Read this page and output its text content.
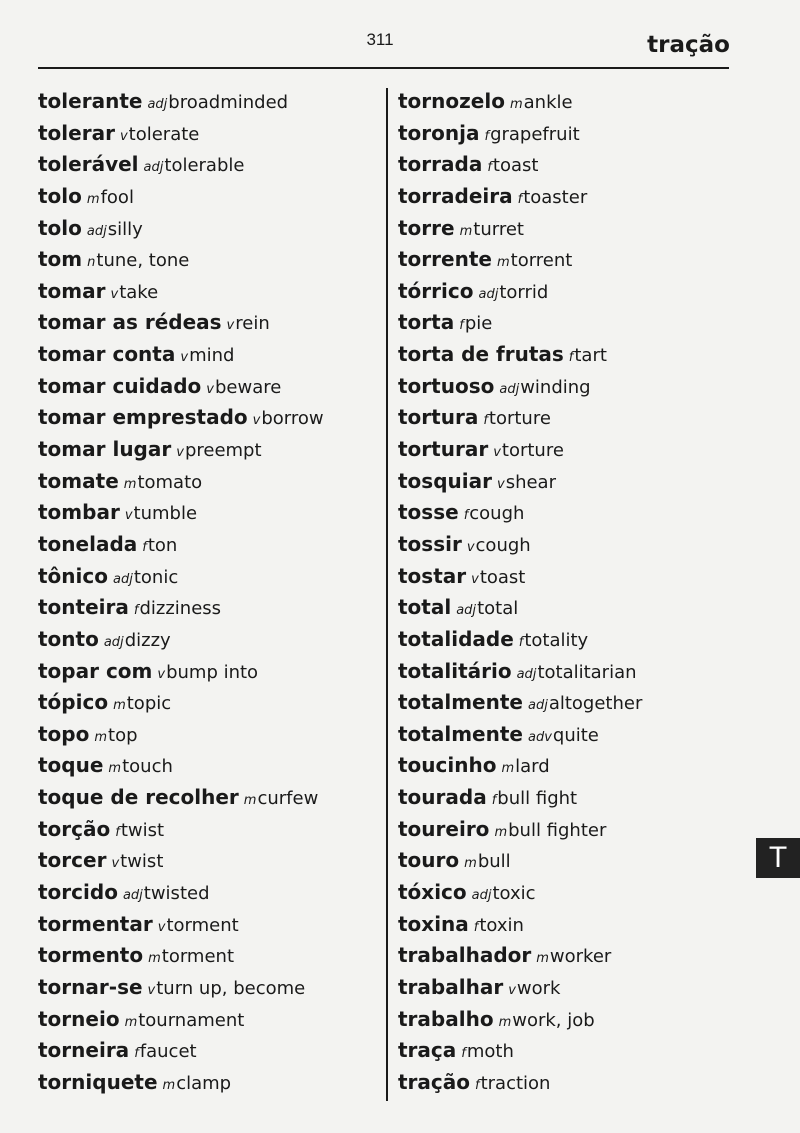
311	tração
tolerante adjbroadminded
tolerar vtolerate
tolerável adjtolerable
tolo mfool
tolo adjsilly
tom ntune, tone
tomar vtake
tomar as rédeas vrein
tomar conta vmind
tomar cuidado vbeware
tomar emprestado vborrow
tomar lugar vpreempt
tomate mtomato
tombar vtumble
tonelada fton
tônico adjtonic
tonteira fdizziness
tonto adjdizzy
topar com vbump into
tópico mtopic
topo mtop
toque mtouch
toque de recolher mcurfew
torção ftwist
torcer vtwist
torcido adjtwisted
tormentar vtorment
tormento mtorment
tornar-se vturn up, become
torneio mtournament
torneira ffaucet
torniquete mclamp
tornozelo mankle
toronja fgrapefruit
torrada ftoast
torradeira ftoaster
torre mturret
torrente mtorrent
tórrico adjtorrid
torta fpie
torta de frutas ftart
tortuoso adjwinding
tortura ftorture
torturar vtorture
tosquiar vshear
tosse fcough
tossir vcough
tostar vtoast
total adjtotal
totalidade ftotality
totalitário adjtotalitarian
totalmente adjaltogether
totalmente advquite
toucinho mlard
tourada fbull fight
toureiro mbull fighter
touro mbull
tóxico adjtoxic
toxina ftoxin
trabalhador mworker
trabalhar vwork
trabalho mwork, job
traça fmoth
tração ftraction
T
